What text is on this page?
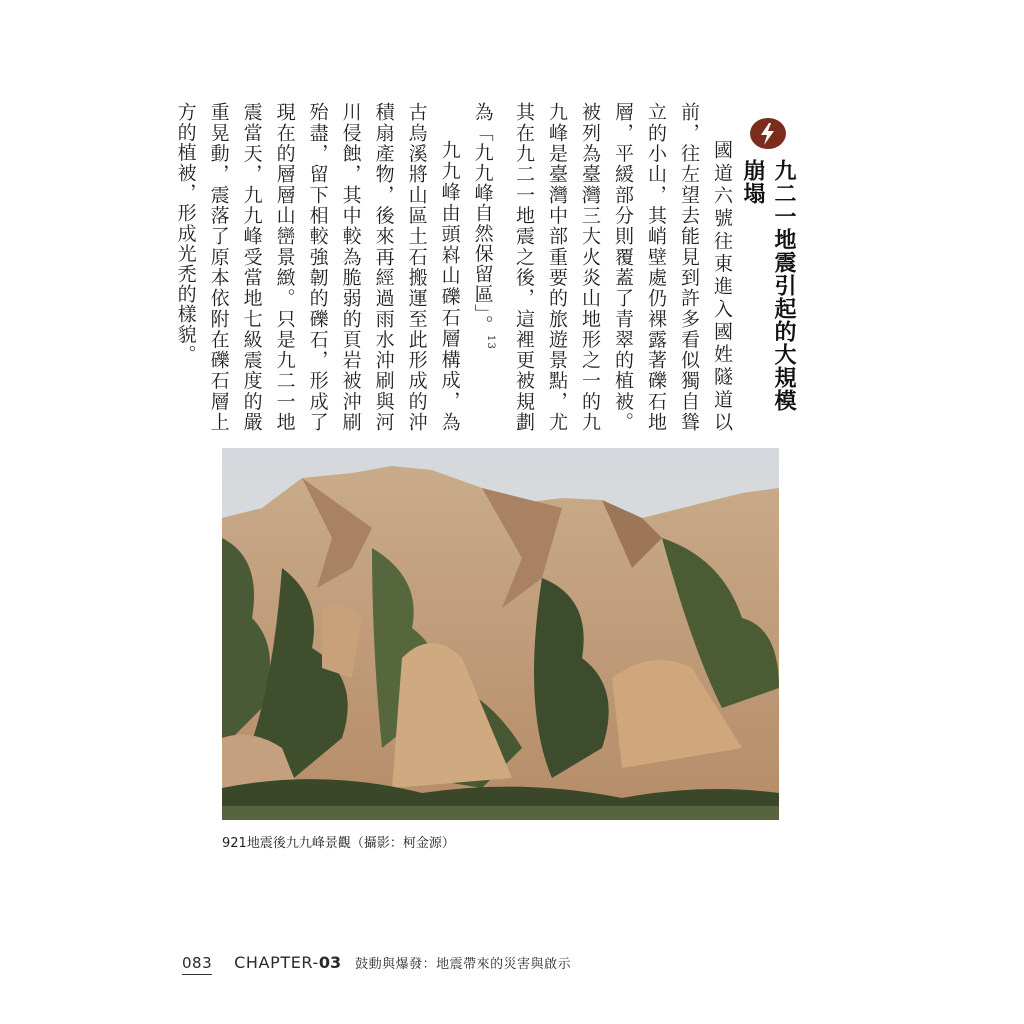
九二一地震引起的大規模崩塌

國道六號往東進入國姓隧道以前，往左望去能見到許多看似獨自聳立的小山，其峭壁處仍裸露著礫石地層，平緩部分則覆蓋了青翠的植被。被列為臺灣三大火炎山地形之一的九九峰是臺灣中部重要的旅遊景點，尤其在九二一地震之後，這裡更被規劃為「九九峰自然保留區」。$^{13}$

九九峰由頭嵙山礫石層構成，為古烏溪將山區土石搬運至此形成的沖積扇產物，後來再經過雨水沖刷與河川侵蝕，其中較為脆弱的頁岩被沖刷殆盡，留下相較強韌的礫石，形成了現在的層層山巒景緻。只是九二一地震當天，九九峰受當地七級震度的嚴重晃動，震落了原本依附在礫石層上方的植被，形成光禿的樣貌。

921地震後九九峰景觀（攝影：柯金源）
083 CHAPTER- 03 鼓動與爆發：地震帶來的災害與啟示
